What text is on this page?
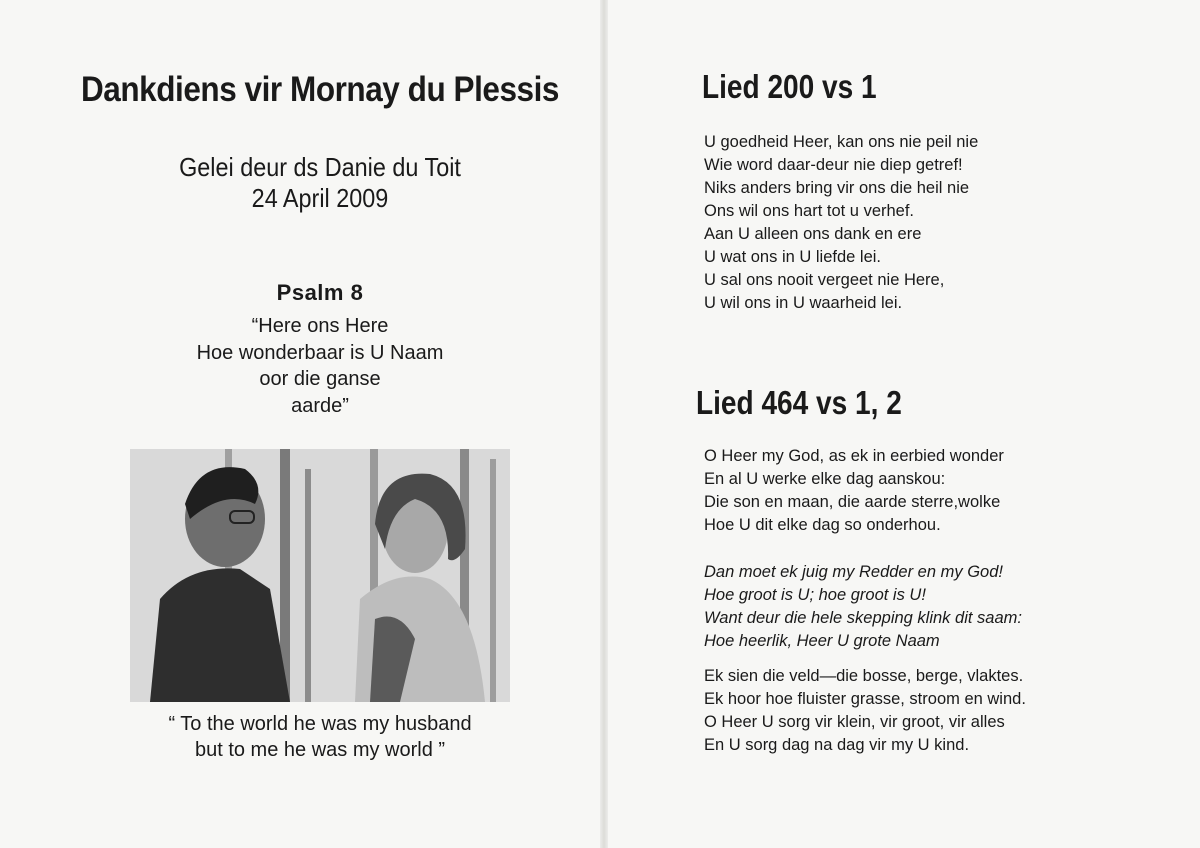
Dankdiens vir Mornay du Plessis
Gelei deur ds Danie du Toit
24 April 2009
Psalm 8
“Here ons Here
Hoe wonderbaar is U Naam
oor die ganse
aarde”
“ To the world he was my husband
but to me he was my world ”
Lied 200 vs 1
U goedheid Heer, kan ons nie peil nie
Wie word daar-deur nie diep getref!
Niks anders bring vir ons die heil nie
Ons wil ons hart tot u verhef.
Aan U alleen ons dank en ere
U wat ons in U liefde lei.
U sal ons nooit vergeet nie Here,
U wil ons in U waarheid lei.
Lied 464 vs 1, 2
O Heer my God, as ek in eerbied wonder
En al U werke elke dag aanskou:
Die son en maan, die aarde sterre,wolke
Hoe U dit elke dag so onderhou.
Dan moet ek juig my Redder en my God!
Hoe groot is U; hoe groot is U!
Want deur die hele skepping klink dit saam:
Hoe heerlik, Heer U grote Naam
Ek sien die veld—die bosse, berge, vlaktes.
Ek hoor hoe fluister grasse, stroom en wind.
O Heer U sorg vir klein, vir groot, vir alles
En U sorg dag na dag vir my U kind.
